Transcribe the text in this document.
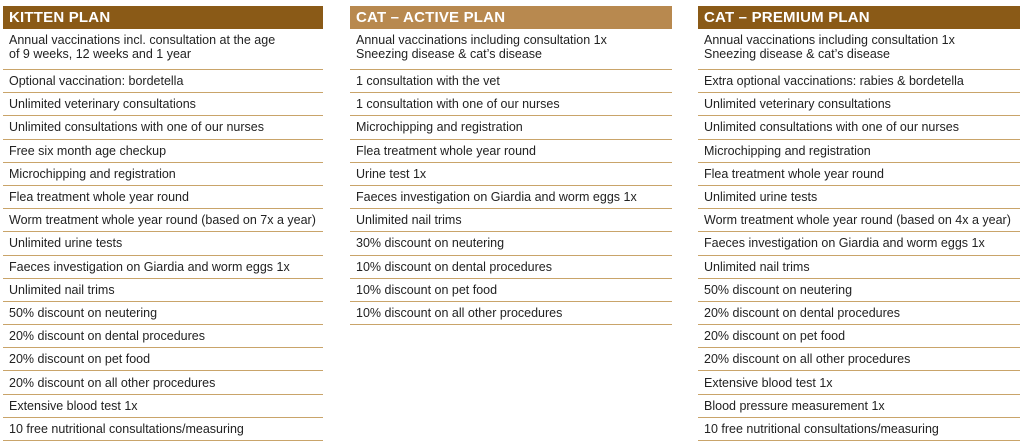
KITTEN PLAN
Annual vaccinations incl. consultation at the age
of 9 weeks, 12 weeks and 1 year
Optional vaccination: bordetella
Unlimited veterinary consultations
Unlimited consultations with one of our nurses
Free six month age checkup
Microchipping and registration
Flea treatment whole year round
Worm treatment whole year round (based on 7x a year)
Unlimited urine tests
Faeces investigation on Giardia and worm eggs 1x
Unlimited nail trims
50% discount on neutering
20% discount on dental procedures
20% discount on pet food
20% discount on all other procedures
Extensive blood test 1x
10 free nutritional consultations/measuring
CAT – ACTIVE PLAN
Annual vaccinations including consultation 1x
Sneezing disease & cat’s disease
1 consultation with the vet
1 consultation with one of our nurses
Microchipping and registration
Flea treatment whole year round
Urine test 1x
Faeces investigation on Giardia and worm eggs 1x
Unlimited nail trims
30% discount on neutering
10% discount on dental procedures
10% discount on pet food
10% discount on all other procedures
CAT – PREMIUM PLAN
Annual vaccinations including consultation 1x
Sneezing disease & cat’s disease
Extra optional vaccinations: rabies & bordetella
Unlimited veterinary consultations
Unlimited consultations with one of our nurses
Microchipping and registration
Flea treatment whole year round
Unlimited urine tests
Worm treatment whole year round (based on 4x a year)
Faeces investigation on Giardia and worm eggs 1x
Unlimited nail trims
50% discount on neutering
20% discount on dental procedures
20% discount on pet food
20% discount on all other procedures
Extensive blood test 1x
Blood pressure measurement 1x
10 free nutritional consultations/measuring
